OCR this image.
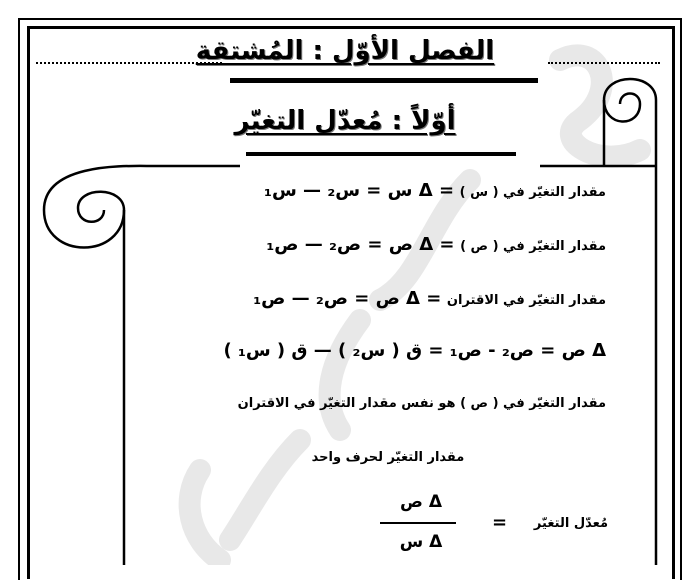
الفصل الأوّل : المُشتقة
أوّلاً : مُعدّل التغيّر
مقدار التغيّر في ( س ) = Δ س = س₂ — س₁
مقدار التغيّر في ( ص ) = Δ ص = ص₂ — ص₁
مقدار التغيّر في الاقتران = Δ ص = ص₂ — ص₁
Δ ص = ص₂ - ص₁ = ق ( س₂ ) — ق ( س₁ )
مقدار التغيّر في ( ص ) هو نفس مقدار التغيّر في الاقتران
مقدار التغيّر لحرف واحد
مُعدّل التغيّر
=
Δ ص
Δ س
